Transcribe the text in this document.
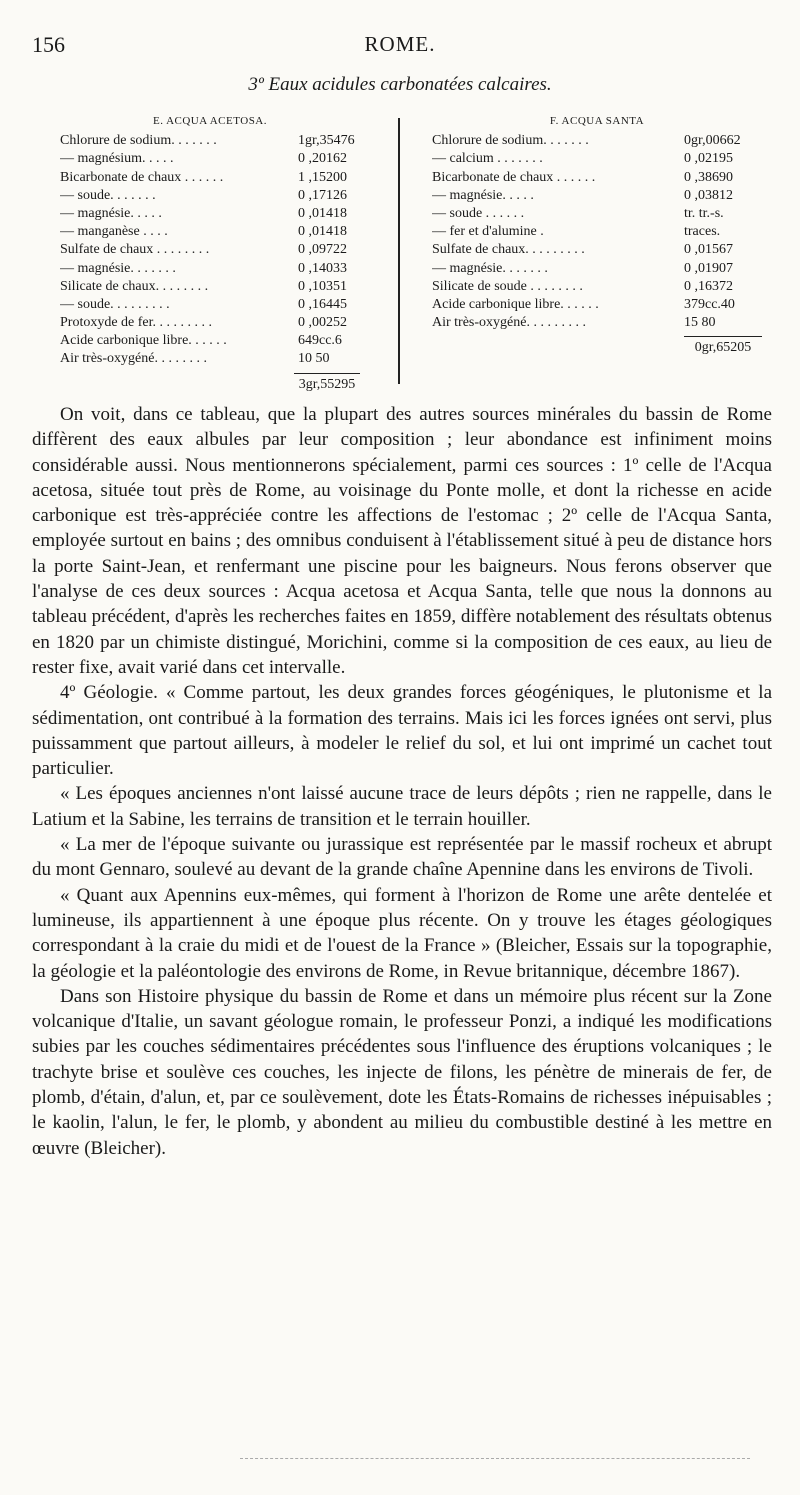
156	ROME.
3º Eaux acidules carbonatées calcaires.
E. ACQUA ACETOSA.
Chlorure de sodium. . . . . . .	1gr,35476
— magnésium. . . . .	0 ,20162
Bicarbonate de chaux . . . . . .	1 ,15200
— soude. . . . . . .	0 ,17126
— magnésie. . . . .	0 ,01418
— manganèse . . . .	0 ,01418
Sulfate de chaux . . . . . . . .	0 ,09722
— magnésie. . . . . . .	0 ,14033
Silicate de chaux. . . . . . . .	0 ,10351
— soude. . . . . . . . .	0 ,16445
Protoxyde de fer. . . . . . . . .	0 ,00252
Acide carbonique libre. . . . . .	649cc.6
Air très-oxygéné. . . . . . . .	10 50
3gr,55295
F. ACQUA SANTA
Chlorure de sodium. . . . . . .	0gr,00662
— calcium . . . . . . .	0 ,02195
Bicarbonate de chaux . . . . . .	0 ,38690
— magnésie. . . . .	0 ,03812
— soude . . . . . .	tr. tr.-s.
— fer et d'alumine .	traces.
Sulfate de chaux. . . . . . . . .	0 ,01567
— magnésie. . . . . . .	0 ,01907
Silicate de soude . . . . . . . .	0 ,16372
Acide carbonique libre. . . . . .	379cc.40
Air très-oxygéné. . . . . . . . .	15 80
0gr,65205

On voit, dans ce tableau, que la plupart des autres sources minérales du bassin de Rome diffèrent des eaux albules par leur composition ; leur abondance est infiniment moins considérable aussi. Nous mentionnerons spécialement, parmi ces sources : 1º celle de l'Acqua acetosa, située tout près de Rome, au voisinage du Ponte molle, et dont la richesse en acide carbonique est très-appréciée contre les affections de l'estomac ; 2º celle de l'Acqua Santa, employée surtout en bains ; des omnibus conduisent à l'établissement situé à peu de distance hors la porte Saint-Jean, et renfermant une piscine pour les baigneurs. Nous ferons observer que l'analyse de ces deux sources : Acqua acetosa et Acqua Santa, telle que nous la donnons au tableau précédent, d'après les recherches faites en 1859, diffère notablement des résultats obtenus en 1820 par un chimiste distingué, Morichini, comme si la composition de ces eaux, au lieu de rester fixe, avait varié dans cet intervalle.

4º Géologie. « Comme partout, les deux grandes forces géogéniques, le plutonisme et la sédimentation, ont contribué à la formation des terrains. Mais ici les forces ignées ont servi, plus puissamment que partout ailleurs, à modeler le relief du sol, et lui ont imprimé un cachet tout particulier.

« Les époques anciennes n'ont laissé aucune trace de leurs dépôts ; rien ne rappelle, dans le Latium et la Sabine, les terrains de transition et le terrain houiller.

« La mer de l'époque suivante ou jurassique est représentée par le massif rocheux et abrupt du mont Gennaro, soulevé au devant de la grande chaîne Apennine dans les environs de Tivoli.

« Quant aux Apennins eux-mêmes, qui forment à l'horizon de Rome une arête dentelée et lumineuse, ils appartiennent à une époque plus récente. On y trouve les étages géologiques correspondant à la craie du midi et de l'ouest de la France » (Bleicher, Essais sur la topographie, la géologie et la paléontologie des environs de Rome, in Revue britannique, décembre 1867).

Dans son Histoire physique du bassin de Rome et dans un mémoire plus récent sur la Zone volcanique d'Italie, un savant géologue romain, le professeur Ponzi, a indiqué les modifications subies par les couches sédimentaires précédentes sous l'influence des éruptions volcaniques ; le trachyte brise et soulève ces couches, les injecte de filons, les pénètre de minerais de fer, de plomb, d'étain, d'alun, et, par ce soulèvement, dote les États-Romains de richesses inépuisables ; le kaolin, l'alun, le fer, le plomb, y abondent au milieu du combustible destiné à les mettre en œuvre (Bleicher).
